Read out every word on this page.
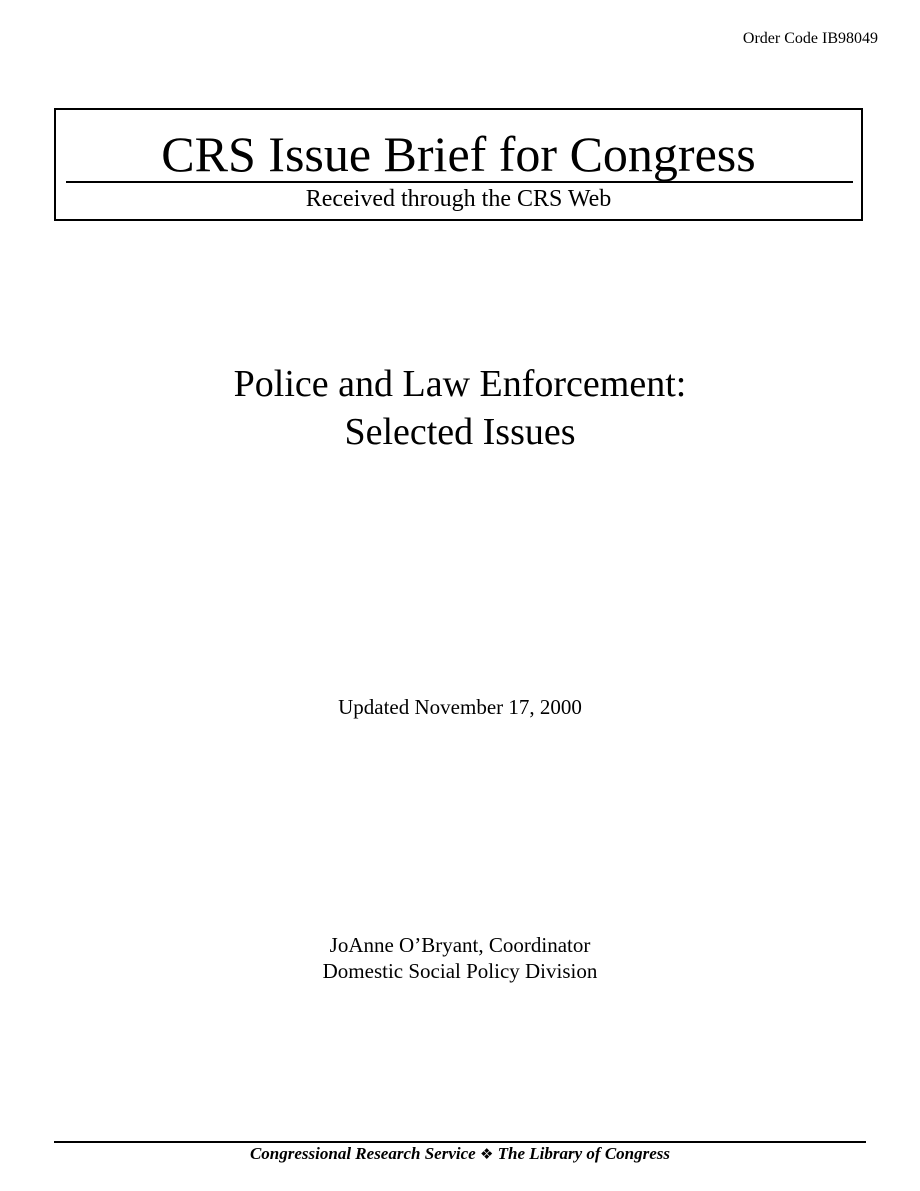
Order Code IB98049
CRS Issue Brief for Congress
Received through the CRS Web
Police and Law Enforcement:
Selected Issues
Updated November 17, 2000
JoAnne O’Bryant, Coordinator
Domestic Social Policy Division
Congressional Research Service ❖ The Library of Congress
